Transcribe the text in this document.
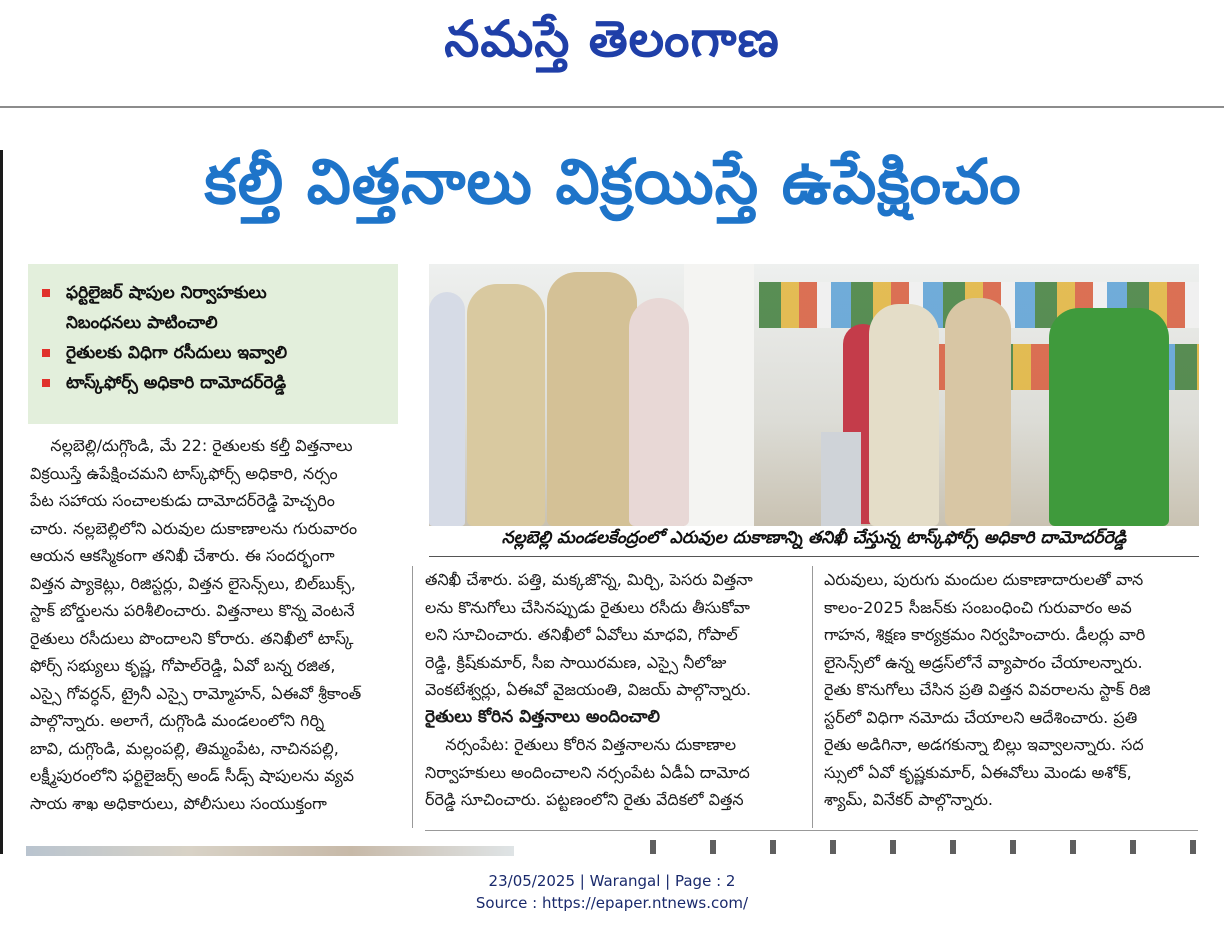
నమస్తే తెలంగాణ
కల్తీ విత్తనాలు విక్రయిస్తే ఉపేక్షించం
ఫర్టిలైజర్ షాపుల నిర్వాహకులు
నిబంధనలు పాటించాలి
రైతులకు విధిగా రసీదులు ఇవ్వాలి
టాస్క్‌ఫోర్స్ అధికారి దామోదర్‌రెడ్డి
నల్లబెల్లి మండలకేంద్రంలో ఎరువుల దుకాణాన్ని తనిఖీ చేస్తున్న టాస్క్‌ఫోర్స్ అధికారి దామోదర్‌రెడ్డి
నల్లబెల్లి/దుగ్గొండి, మే 22: రైతులకు కల్తీ విత్తనాలు
విక్రయిస్తే ఉపేక్షించమని టాస్క్‌ఫోర్స్ అధికారి, నర్సం
పేట సహాయ సంచాలకుడు దామోదర్‌రెడ్డి హెచ్చరిం
చారు. నల్లబెల్లిలోని ఎరువుల దుకాణాలను గురువారం
ఆయన ఆకస్మికంగా తనిఖీ చేశారు. ఈ సందర్భంగా
విత్తన ప్యాకెట్లు, రిజిస్టర్లు, విత్తన లైసెన్స్‌లు, బిల్‌బుక్స్,
స్టాక్ బోర్డులను పరిశీలించారు. విత్తనాలు కొన్న వెంటనే
రైతులు రసీదులు పొందాలని కోరారు. తనిఖీలో టాస్క్
ఫోర్స్ సభ్యులు కృష్ణ, గోపాల్‌రెడ్డి, ఏవో బన్న రజిత,
ఎస్సై గోవర్ధన్, ట్రైనీ ఎస్సై రామ్మోహన్, ఏఈవో శ్రీకాంత్
పాల్గొన్నారు. అలాగే, దుగ్గొండి మండలంలోని గిర్ని
బావి, దుగ్గొండి, మల్లంపల్లి, తిమ్మంపేట, నాచినపల్లి,
లక్ష్మీపురంలోని ఫర్టిలైజర్స్ అండ్ సీడ్స్ షాపులను వ్యవ
సాయ శాఖ అధికారులు, పోలీసులు సంయుక్తంగా
తనిఖీ చేశారు. పత్తి, మక్కజొన్న, మిర్చి, పెసరు విత్తనా
లను కొనుగోలు చేసినప్పుడు రైతులు రసీదు తీసుకోవా
లని సూచించారు. తనిఖీలో ఏవోలు మాధవి, గోపాల్
రెడ్డి, క్రిష్‌కుమార్, సీఐ సాయిరమణ, ఎస్సై నీలోజు
వెంకటేశ్వర్లు, ఏఈవో వైజయంతి, విజయ్ పాల్గొన్నారు.
రైతులు కోరిన విత్తనాలు అందించాలి
నర్సంపేట: రైతులు కోరిన విత్తనాలను దుకాణాల
నిర్వాహకులు అందించాలని నర్సంపేట ఏడీఏ దామోద
ర్‌రెడ్డి సూచించారు. పట్టణంలోని రైతు వేదికలో విత్తన
ఎరువులు, పురుగు మందుల దుకాణాదారులతో వాన
కాలం-2025 సీజన్‌కు సంబంధించి గురువారం అవ
గాహన, శిక్షణ కార్యక్రమం నిర్వహించారు. డీలర్లు వారి
లైసెన్స్‌లో ఉన్న అడ్రస్‌లోనే వ్యాపారం చేయాలన్నారు.
రైతు కొనుగోలు చేసిన ప్రతి విత్తన వివరాలను స్టాక్ రిజి
స్టర్‌లో విధిగా నమోదు చేయాలని ఆదేశించారు. ప్రతి
రైతు అడిగినా, అడగకున్నా బిల్లు ఇవ్వాలన్నారు. సద
స్సులో ఏవో కృష్ణకుమార్, ఏఈవోలు మెండు అశోక్,
శ్యామ్, వినేకర్ పాల్గొన్నారు.
23/05/2025 | Warangal | Page : 2
Source : https://epaper.ntnews.com/
